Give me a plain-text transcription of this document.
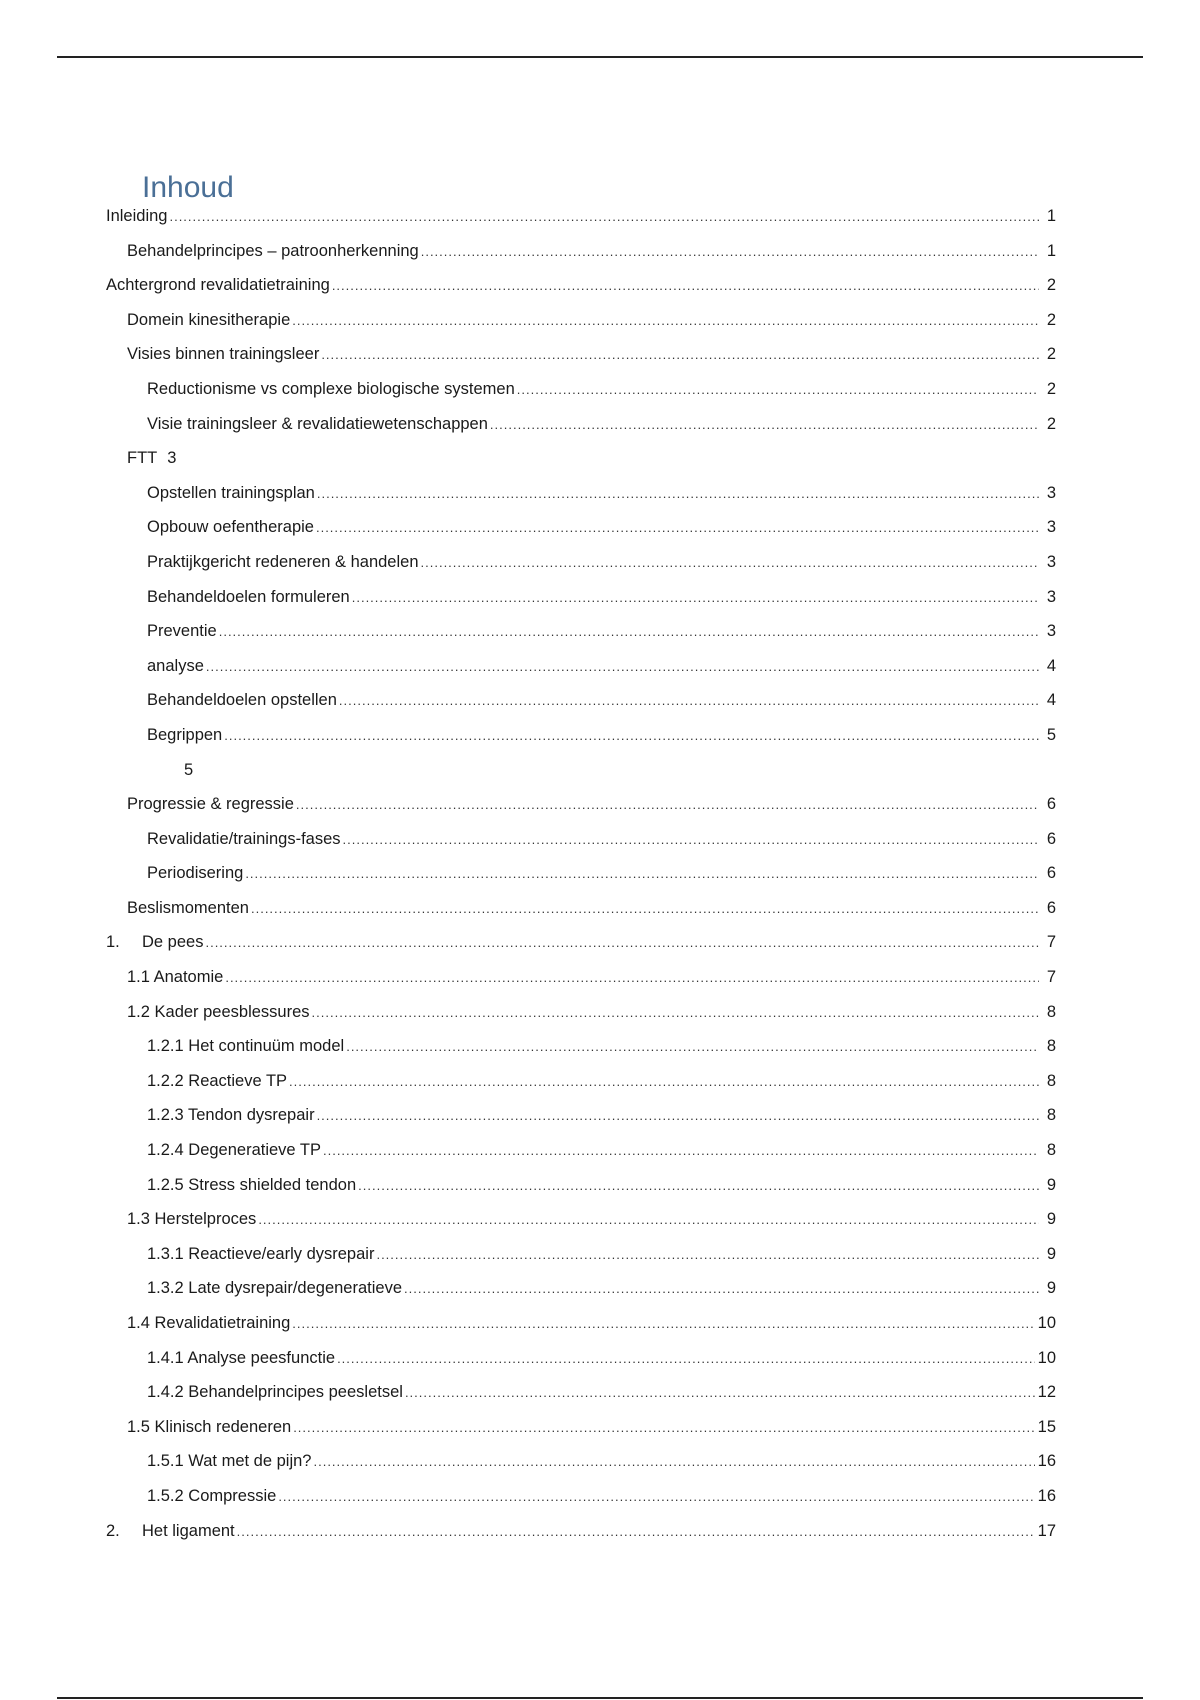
Inhoud
Inleiding .....	1
Behandelprincipes – patroonherkenning .....	1
Achtergrond revalidatietraining .....	2
Domein kinesitherapie .....	2
Visies binnen trainingsleer .....	2
Reductionisme vs complexe biologische systemen .....	2
Visie trainingsleer & revalidatiewetenschappen .....	2
FTT 3
Opstellen trainingsplan .....	3
Opbouw oefentherapie .....	3
Praktijkgericht redeneren & handelen .....	3
Behandeldoelen formuleren .....	3
Preventie .....	3
analyse .....	4
Behandeldoelen opstellen .....	4
Begrippen .....	5
5
Progressie & regressie .....	6
Revalidatie/trainings-fases .....	6
Periodisering .....	6
Beslismomenten .....	6
1.	De pees .....	7
1.1 Anatomie .....	7
1.2 Kader peesblessures .....	8
1.2.1 Het continuüm model .....	8
1.2.2 Reactieve TP .....	8
1.2.3 Tendon dysrepair .....	8
1.2.4 Degeneratieve TP .....	8
1.2.5 Stress shielded tendon .....	9
1.3 Herstelproces .....	9
1.3.1 Reactieve/early dysrepair .....	9
1.3.2 Late dysrepair/degeneratieve .....	9
1.4 Revalidatietraining .....	10
1.4.1 Analyse peesfunctie .....	10
1.4.2 Behandelprincipes peesletsel .....	12
1.5 Klinisch redeneren .....	15
1.5.1 Wat met de pijn? .....	16
1.5.2 Compressie .....	16
2.	Het ligament .....	17
